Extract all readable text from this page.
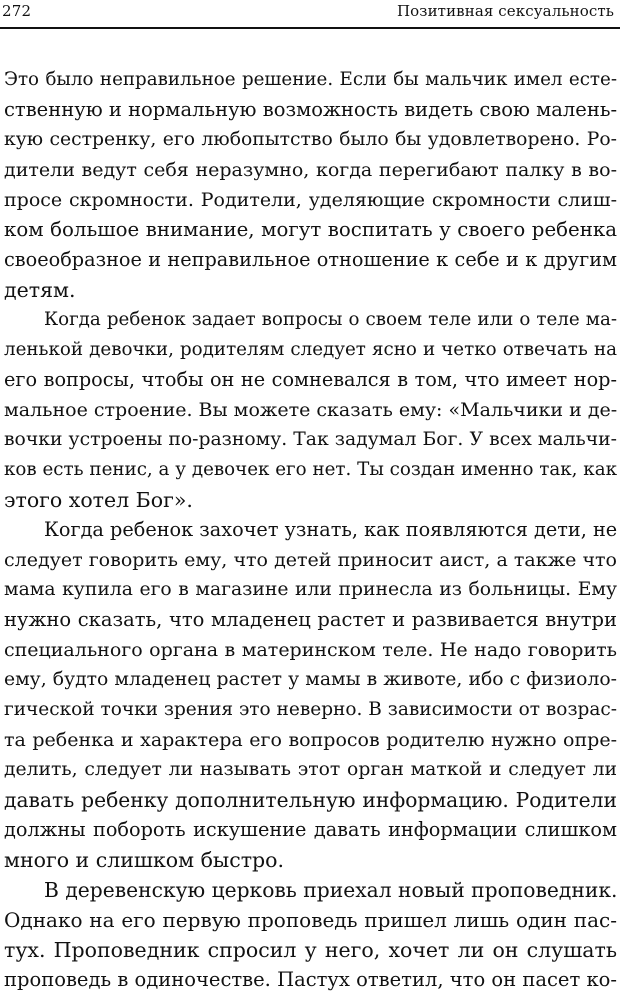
272	Позитивная сексуальность
Это было неправильное решение. Если бы мальчик имел есте-
ственную и нормальную возможность видеть свою малень-
кую сестренку, его любопытство было бы удовлетворено. Ро-
дители ведут себя неразумно, когда перегибают палку в во-
просе скромности. Родители, уделяющие скромности слиш-
ком большое внимание, могут воспитать у своего ребенка
своеобразное и неправильное отношение к себе и к другим
детям.
Когда ребенок задает вопросы о своем теле или о теле ма-
ленькой девочки, родителям следует ясно и четко отвечать на
его вопросы, чтобы он не сомневался в том, что имеет нор-
мальное строение. Вы можете сказать ему: «Мальчики и де-
вочки устроены по-разному. Так задумал Бог. У всех мальчи-
ков есть пенис, а у девочек его нет. Ты создан именно так, как
этого хотел Бог».
Когда ребенок захочет узнать, как появляются дети, не
следует говорить ему, что детей приносит аист, а также что
мама купила его в магазине или принесла из больницы. Ему
нужно сказать, что младенец растет и развивается внутри
специального органа в материнском теле. Не надо говорить
ему, будто младенец растет у мамы в животе, ибо с физиоло-
гической точки зрения это неверно. В зависимости от возрас-
та ребенка и характера его вопросов родителю нужно опре-
делить, следует ли называть этот орган маткой и следует ли
давать ребенку дополнительную информацию. Родители
должны побороть искушение давать информации слишком
много и слишком быстро.
В деревенскую церковь приехал новый проповедник.
Однако на его первую проповедь пришел лишь один пас-
тух. Проповедник спросил у него, хочет ли он слушать
проповедь в одиночестве. Пастух ответил, что он пасет ко-
